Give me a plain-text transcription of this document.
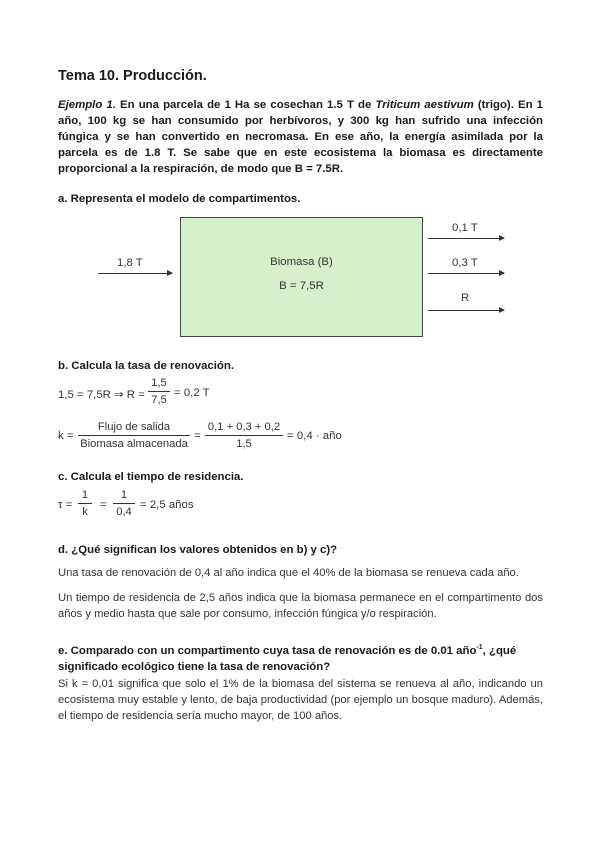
Tema 10. Producción.
Ejemplo 1. En una parcela de 1 Ha se cosechan 1.5 T de Triticum aestivum (trigo). En 1 año, 100 kg se han consumido por herbívoros, y 300 kg han sufrido una infección fúngica y se han convertido en necromasa. En ese año, la energía asimilada por la parcela es de 1.8 T. Se sabe que en este ecosistema la biomasa es directamente proporcional a la respiración, de modo que B = 7.5R.
a. Representa el modelo de compartimentos.
1,8 T	Biomasa (B)
B = 7,5R
0,1 T
0,3 T
R
b. Calcula la tasa de renovación.
1,5 = 7,5R ⇒ R =
1,5
7,5
= 0,2 T
k =
Flujo de salida
Biomasa almacenada
=
0,1 + 0,3 + 0,2
1,5
= 0,4 · año
c. Calcula el tiempo de residencia.
τ =
1
k
=
1
0,4
= 2,5 años
d. ¿Qué significan los valores obtenidos en b) y c)?
Una tasa de renovación de 0,4 al año indica que el 40% de la biomasa se renueva cada año.
Un tiempo de residencia de 2,5 años indica que la biomasa permanece en el compartimento dos años y medio hasta que sale por consumo, infección fúngica y/o respiración.
e. Comparado con un compartimento cuya tasa de renovación es de 0.01 año$^{-1}$, ¿qué significado ecológico tiene la tasa de renovación?
Si k = 0,01 significa que solo el 1% de la biomasa del sistema se renueva al año, indicando un ecosistema muy estable y lento, de baja productividad (por ejemplo un bosque maduro). Además, el tiempo de residencia sería mucho mayor, de 100 años.
